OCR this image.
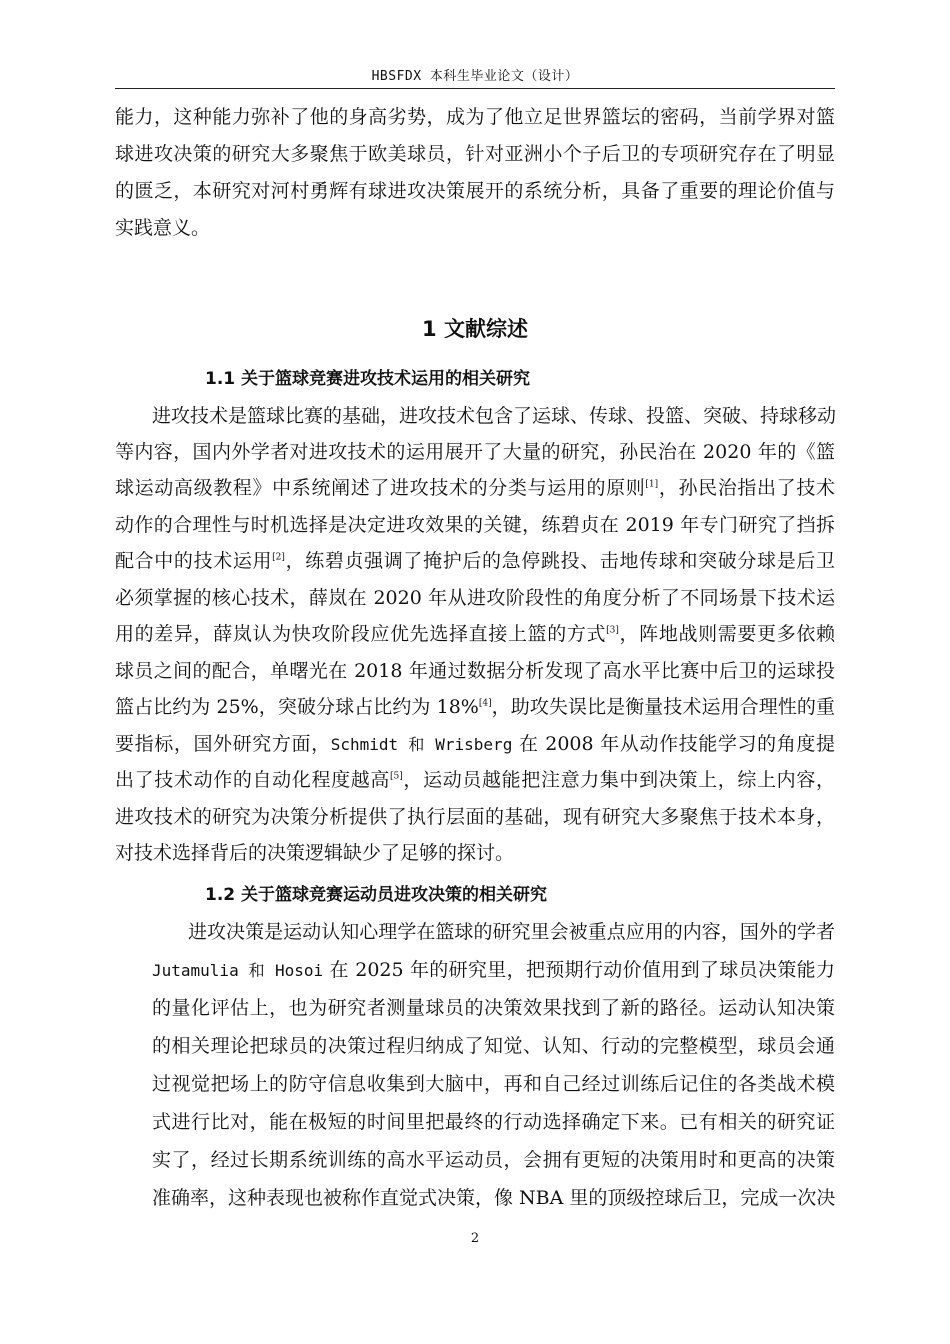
HBSFDX 本科生毕业论文（设计）

能力，这种能力弥补了他的身高劣势，成为了他立足世界篮坛的密码，当前学界对篮

球进攻决策的研究大多聚焦于欧美球员，针对亚洲小个子后卫的专项研究存在了明显

的匮乏，本研究对河村勇辉有球进攻决策展开的系统分析，具备了重要的理论价值与

实践意义。

1 文献综述
1.1 关于篮球竞赛进攻技术运用的相关研究

进攻技术是篮球比赛的基础，进攻技术包含了运球、传球、投篮、突破、持球移动

等内容，国内外学者对进攻技术的运用展开了大量的研究，孙民治在 2020 年的《篮

球运动高级教程》中系统阐述了进攻技术的分类与运用的原则[1]，孙民治指出了技术

动作的合理性与时机选择是决定进攻效果的关键，练碧贞在 2019 年专门研究了挡拆

配合中的技术运用[2]，练碧贞强调了掩护后的急停跳投、击地传球和突破分球是后卫

必须掌握的核心技术，薛岚在 2020 年从进攻阶段性的角度分析了不同场景下技术运

用的差异，薛岚认为快攻阶段应优先选择直接上篮的方式[3]，阵地战则需要更多依赖

球员之间的配合，单曙光在 2018 年通过数据分析发现了高水平比赛中后卫的运球投

篮占比约为 25%，突破分球占比约为 18%[4]，助攻失误比是衡量技术运用合理性的重

要指标，国外研究方面，Schmidt 和 Wrisberg 在 2008 年从动作技能学习的角度提

出了技术动作的自动化程度越高[5]，运动员越能把注意力集中到决策上，综上内容，

进攻技术的研究为决策分析提供了执行层面的基础，现有研究大多聚焦于技术本身，

对技术选择背后的决策逻辑缺少了足够的探讨。

1.2 关于篮球竞赛运动员进攻决策的相关研究

进攻决策是运动认知心理学在篮球的研究里会被重点应用的内容，国外的学者

Jutamulia 和 Hosoi 在 2025 年的研究里，把预期行动价值用到了球员决策能力

的量化评估上，也为研究者测量球员的决策效果找到了新的路径。运动认知决策

的相关理论把球员的决策过程归纳成了知觉、认知、行动的完整模型，球员会通

过视觉把场上的防守信息收集到大脑中，再和自己经过训练后记住的各类战术模

式进行比对，能在极短的时间里把最终的行动选择确定下来。已有相关的研究证

实了，经过长期系统训练的高水平运动员，会拥有更短的决策用时和更高的决策

准确率，这种表现也被称作直觉式决策，像 NBA 里的顶级控球后卫，完成一次决

2
